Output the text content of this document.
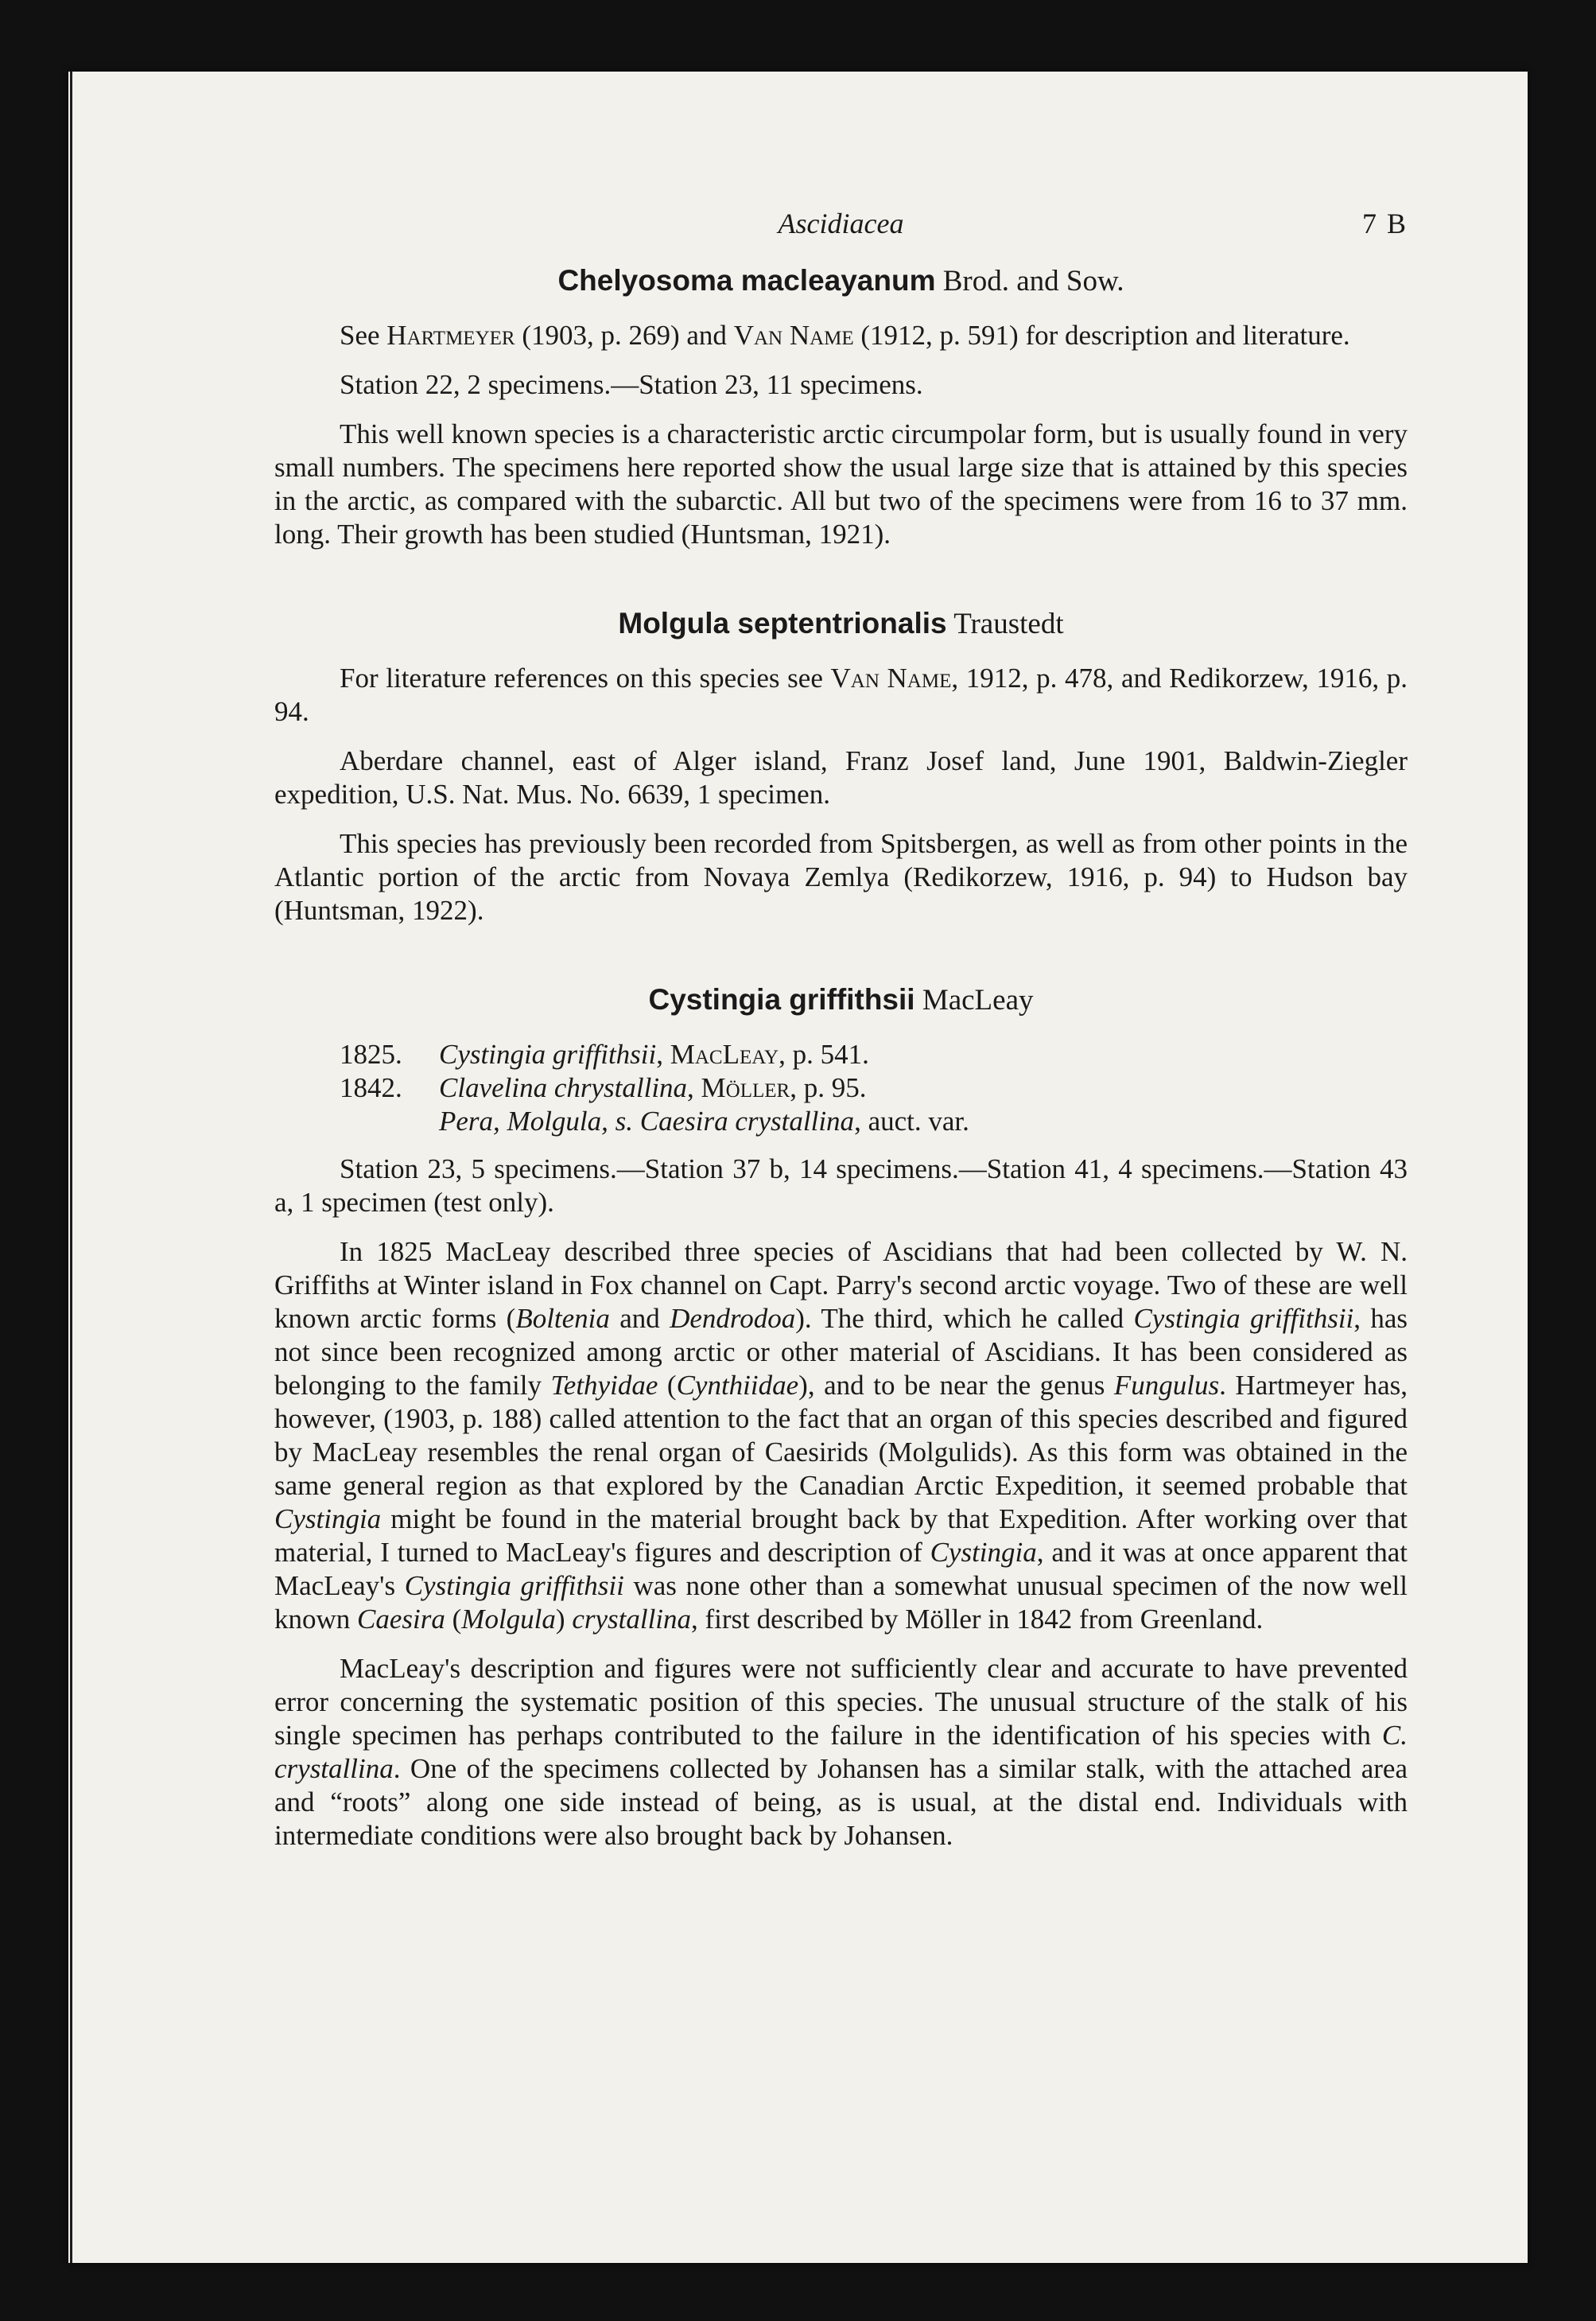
Ascidiacea	7 B
Chelyosoma macleayanum Brod. and Sow.

See Hartmeyer (1903, p. 269) and Van Name (1912, p. 591) for description and literature.

Station 22, 2 specimens.—Station 23, 11 specimens.

This well known species is a characteristic arctic circumpolar form, but is usually found in very small numbers. The specimens here reported show the usual large size that is attained by this species in the arctic, as compared with the subarctic. All but two of the specimens were from 16 to 37 mm. long. Their growth has been studied (Huntsman, 1921).

Molgula septentrionalis Traustedt

For literature references on this species see Van Name, 1912, p. 478, and Redikorzew, 1916, p. 94.

Aberdare channel, east of Alger island, Franz Josef land, June 1901, Baldwin-Ziegler expedition, U.S. Nat. Mus. No. 6639, 1 specimen.

This species has previously been recorded from Spitsbergen, as well as from other points in the Atlantic portion of the arctic from Novaya Zemlya (Redikorzew, 1916, p. 94) to Hudson bay (Huntsman, 1922).

Cystingia griffithsii MacLeay

1825. Cystingia griffithsii, MacLeay, p. 541.

1842. Clavelina chrystallina, Möller, p. 95.

Pera, Molgula, s. Caesira crystallina, auct. var.

Station 23, 5 specimens.—Station 37 b, 14 specimens.—Station 41, 4 specimens.—Station 43 a, 1 specimen (test only).

In 1825 MacLeay described three species of Ascidians that had been collected by W. N. Griffiths at Winter island in Fox channel on Capt. Parry's second arctic voyage. Two of these are well known arctic forms (Boltenia and Dendrodoa). The third, which he called Cystingia griffithsii, has not since been recognized among arctic or other material of Ascidians. It has been considered as belonging to the family Tethyidae (Cynthiidae), and to be near the genus Fungulus. Hartmeyer has, however, (1903, p. 188) called attention to the fact that an organ of this species described and figured by MacLeay resembles the renal organ of Caesirids (Molgulids). As this form was obtained in the same general region as that explored by the Canadian Arctic Expedition, it seemed probable that Cystingia might be found in the material brought back by that Expedition. After working over that material, I turned to MacLeay's figures and description of Cystingia, and it was at once apparent that MacLeay's Cystingia griffithsii was none other than a somewhat unusual specimen of the now well known Caesira (Molgula) crystallina, first described by Möller in 1842 from Greenland.

MacLeay's description and figures were not sufficiently clear and accurate to have prevented error concerning the systematic position of this species. The unusual structure of the stalk of his single specimen has perhaps contributed to the failure in the identification of his species with C. crystallina. One of the specimens collected by Johansen has a similar stalk, with the attached area and “roots” along one side instead of being, as is usual, at the distal end. Individuals with intermediate conditions were also brought back by Johansen.
